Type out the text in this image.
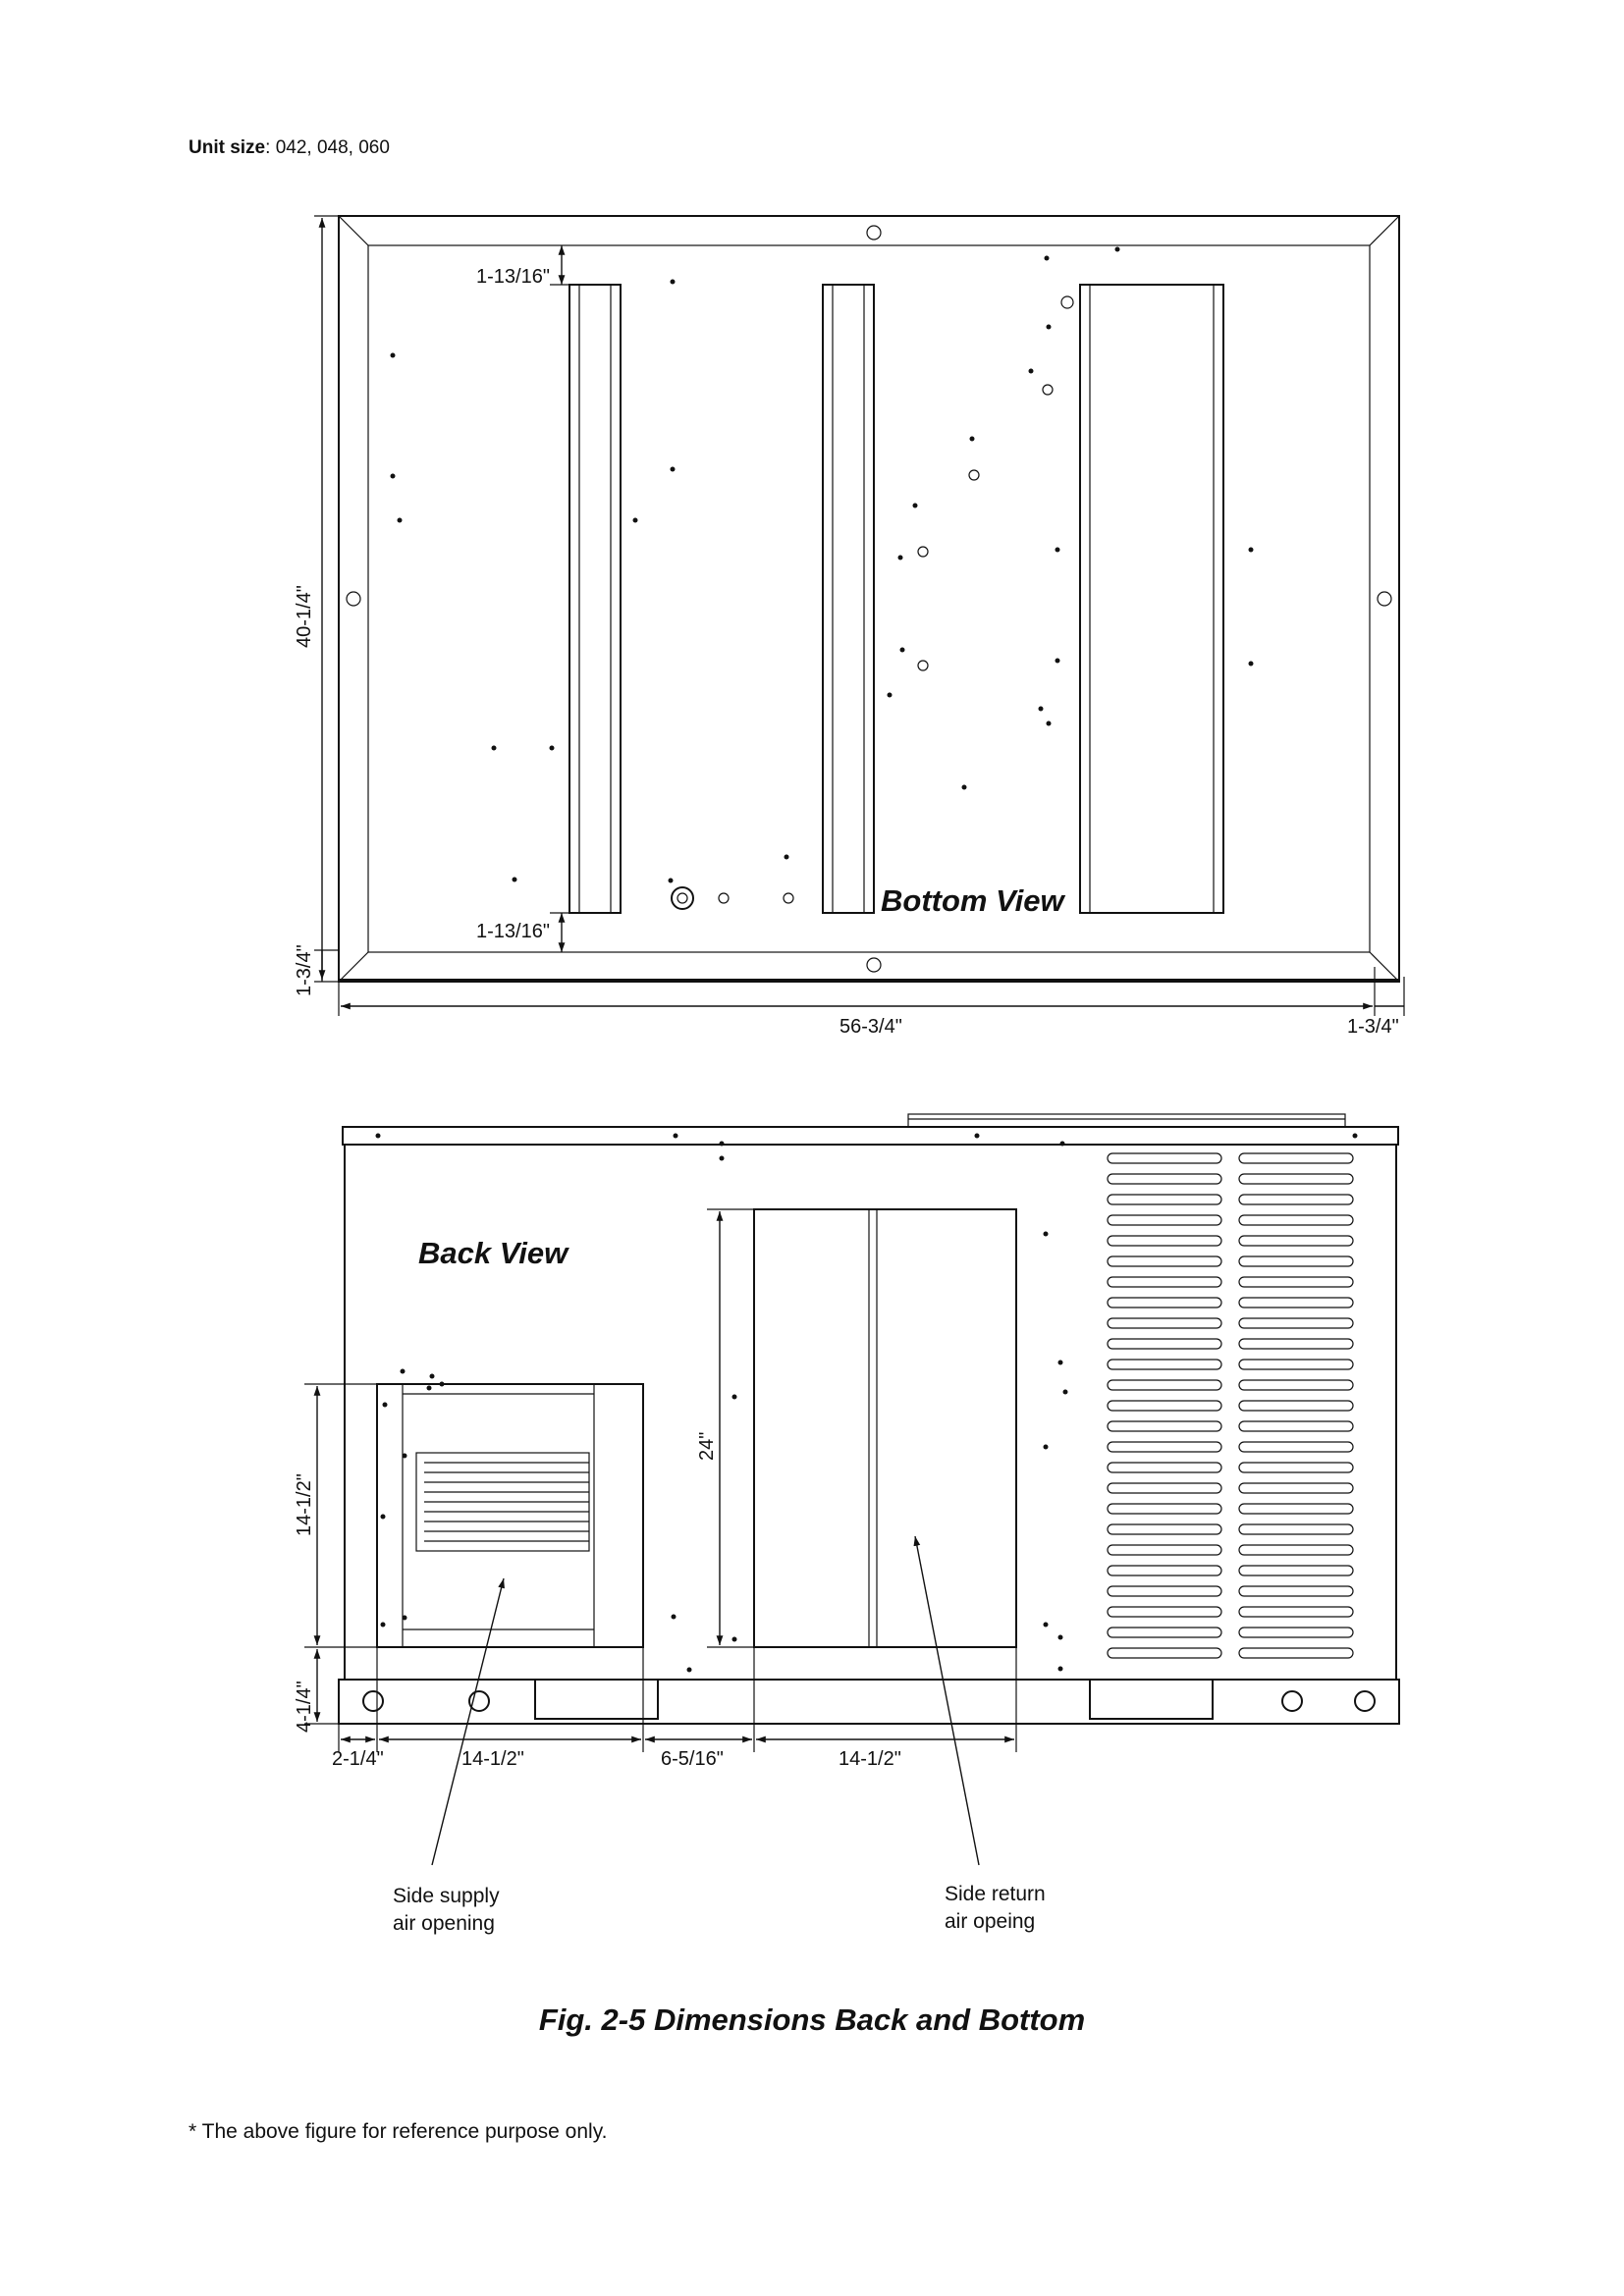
Unit size: 042, 048, 060
Bottom View
40-1/4"
1-3/4"
1-13/16"
1-13/16"
56-3/4"	1-3/4"
Back View
14-1/2"
4-1/4"
24"
2-1/4"	14-1/2"	6-5/16"	14-1/2"
Side supply
air opening
Side return
air opeing
Fig. 2-5 Dimensions Back and Bottom
* The above figure for reference purpose only.
